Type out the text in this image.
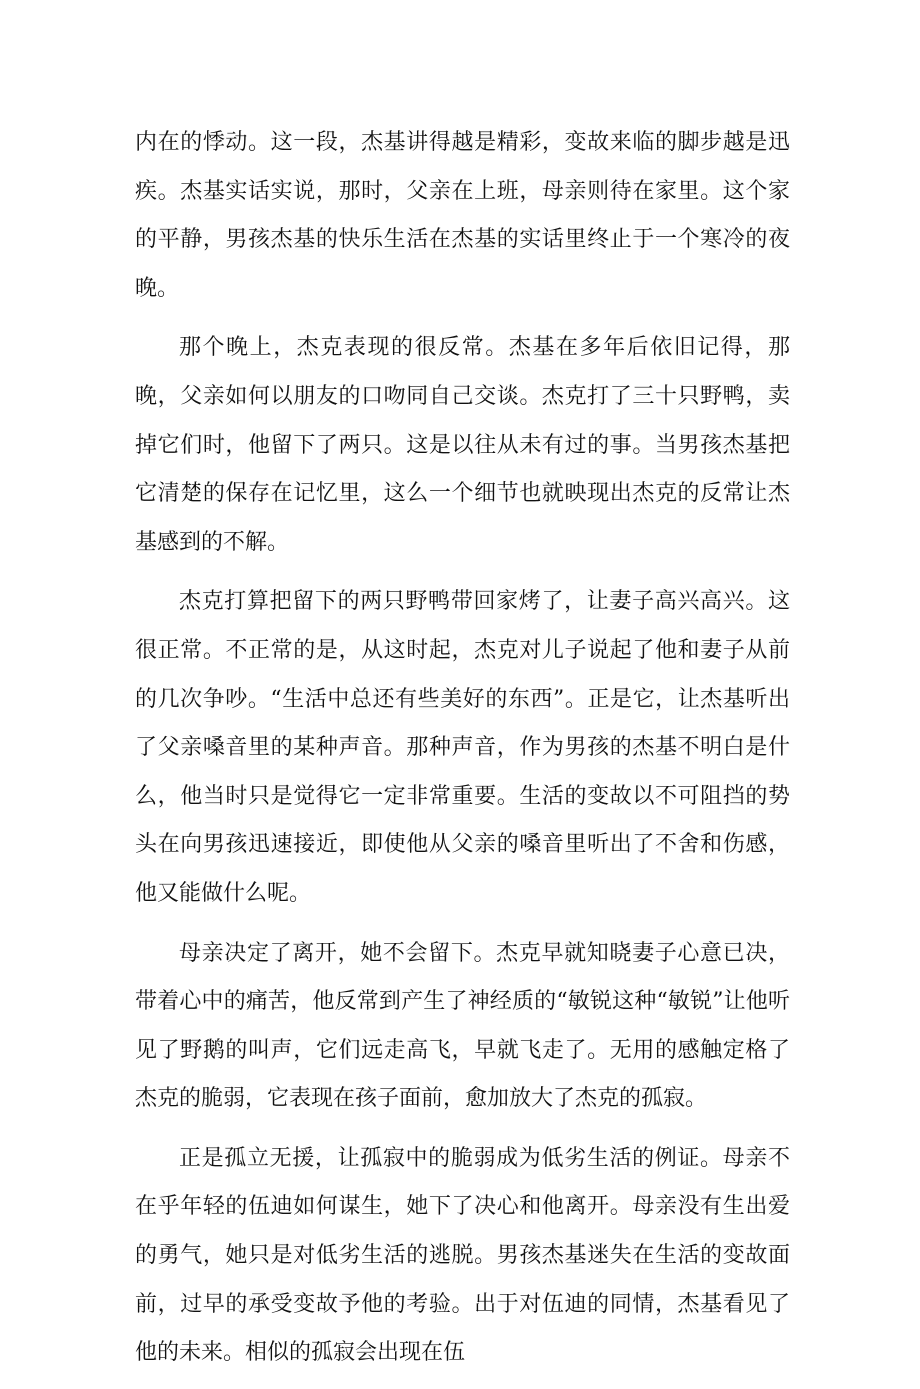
内在的悸动。这一段，杰基讲得越是精彩，变故来临的脚步越是迅疾。杰基实话实说，那时，父亲在上班，母亲则待在家里。这个家的平静，男孩杰基的快乐生活在杰基的实话里终止于一个寒冷的夜晚。

那个晚上，杰克表现的很反常。杰基在多年后依旧记得，那晚，父亲如何以朋友的口吻同自己交谈。杰克打了三十只野鸭，卖掉它们时，他留下了两只。这是以往从未有过的事。当男孩杰基把它清楚的保存在记忆里，这么一个细节也就映现出杰克的反常让杰基感到的不解。

杰克打算把留下的两只野鸭带回家烤了，让妻子高兴高兴。这很正常。不正常的是，从这时起，杰克对儿子说起了他和妻子从前的几次争吵。“生活中总还有些美好的东西”。正是它，让杰基听出了父亲嗓音里的某种声音。那种声音，作为男孩的杰基不明白是什么，他当时只是觉得它一定非常重要。生活的变故以不可阻挡的势头在向男孩迅速接近，即使他从父亲的嗓音里听出了不舍和伤感，他又能做什么呢。

母亲决定了离开，她不会留下。杰克早就知晓妻子心意已决，带着心中的痛苦，他反常到产生了神经质的“敏锐这种“敏锐”让他听见了野鹅的叫声，它们远走高飞，早就飞走了。无用的感触定格了杰克的脆弱，它表现在孩子面前，愈加放大了杰克的孤寂。

正是孤立无援，让孤寂中的脆弱成为低劣生活的例证。母亲不在乎年轻的伍迪如何谋生，她下了决心和他离开。母亲没有生出爱的勇气，她只是对低劣生活的逃脱。男孩杰基迷失在生活的变故面前，过早的承受变故予他的考验。出于对伍迪的同情，杰基看见了他的未来。相似的孤寂会出现在伍
